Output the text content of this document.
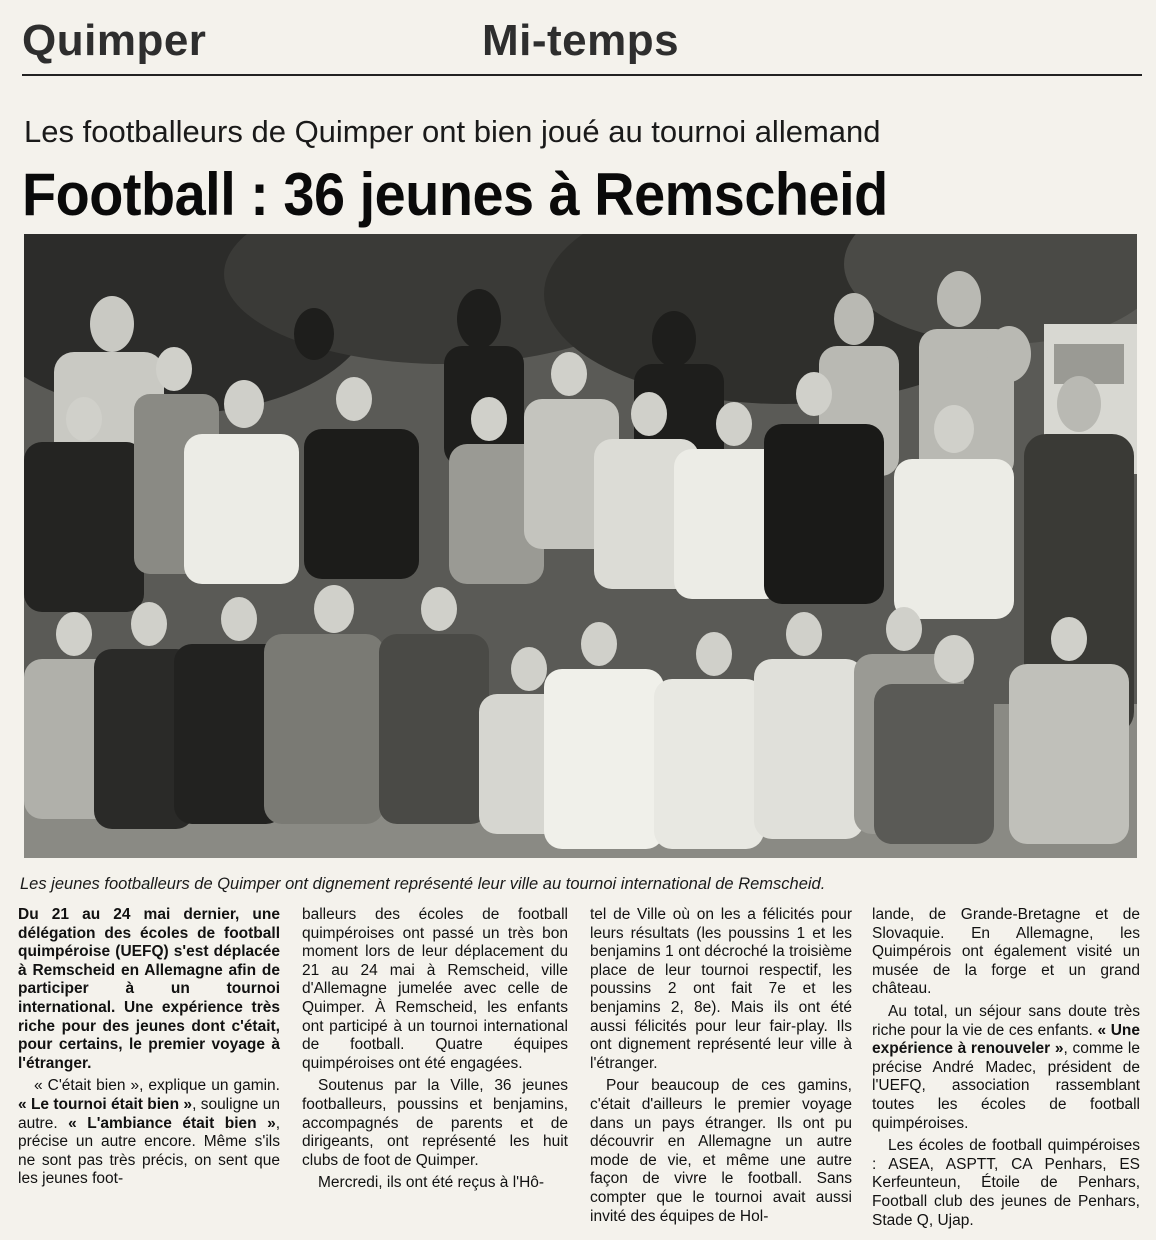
Quimper	Mi-temps
Les footballeurs de Quimper ont bien joué au tournoi allemand
Football : 36 jeunes à Remscheid
Les jeunes footballeurs de Quimper ont dignement représenté leur ville au tournoi international de Remscheid.

Du 21 au 24 mai dernier, une délégation des écoles de football quimpéroise (UEFQ) s'est déplacée à Remscheid en Allemagne afin de participer à un tournoi international. Une expérience très riche pour des jeunes dont c'était, pour certains, le premier voyage à l'étranger.

« C'était bien », explique un gamin. « Le tournoi était bien », souligne un autre. « L'ambiance était bien », précise un autre encore. Même s'ils ne sont pas très précis, on sent que les jeunes foot-

balleurs des écoles de football quimpéroises ont passé un très bon moment lors de leur déplacement du 21 au 24 mai à Remscheid, ville d'Allemagne jumelée avec celle de Quimper. À Remscheid, les enfants ont participé à un tournoi international de football. Quatre équipes quimpéroises ont été engagées.

Soutenus par la Ville, 36 jeunes footballeurs, poussins et benjamins, accompagnés de parents et de dirigeants, ont représenté les huit clubs de foot de Quimper.

Mercredi, ils ont été reçus à l'Hô-

tel de Ville où on les a félicités pour leurs résultats (les poussins 1 et les benjamins 1 ont décroché la troisième place de leur tournoi respectif, les poussins 2 ont fait 7e et les benjamins 2, 8e). Mais ils ont été aussi félicités pour leur fair-play. Ils ont dignement représenté leur ville à l'étranger.

Pour beaucoup de ces gamins, c'était d'ailleurs le premier voyage dans un pays étranger. Ils ont pu découvrir en Allemagne un autre mode de vie, et même une autre façon de vivre le football. Sans compter que le tournoi avait aussi invité des équipes de Hol-

lande, de Grande-Bretagne et de Slovaquie. En Allemagne, les Quimpérois ont également visité un musée de la forge et un grand château.

Au total, un séjour sans doute très riche pour la vie de ces enfants. « Une expérience à renouveler », comme le précise André Madec, président de l'UEFQ, association rassemblant toutes les écoles de football quimpéroises.

Les écoles de football quimpéroises : ASEA, ASPTT, CA Penhars, ES Kerfeunteun, Étoile de Penhars, Football club des jeunes de Penhars, Stade Q, Ujap.
